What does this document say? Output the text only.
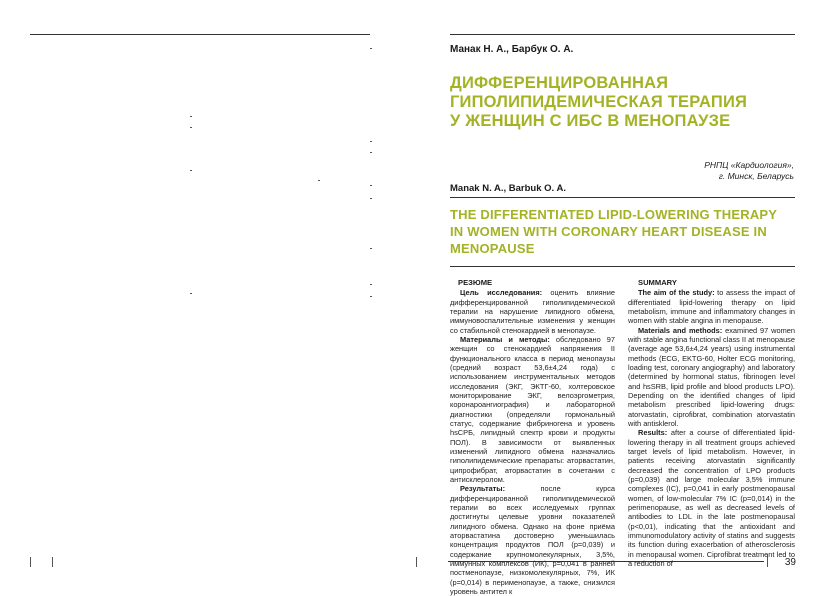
Манак Н. А., Барбук О. А.
ДИФФЕРЕНЦИРОВАННАЯ
ГИПОЛИПИДЕМИЧЕСКАЯ ТЕРАПИЯ
У ЖЕНЩИН С ИБС В МЕНОПАУЗЕ
РНПЦ «Кардиология»,
г. Минск, Беларусь
Manak N. A., Barbuk O. A.
THE DIFFERENTIATED LIPID-LOWERING THERAPY
IN WOMEN WITH CORONARY HEART DISEASE IN
MENOPAUSE
РЕЗЮМЕ

Цель исследования: оценить влияние дифференцированной гиполипидемической терапии на нарушение липидного обмена, иммуновоспалительные изменения у женщин со стабильной стенокардией в менопаузе.

Материалы и методы: обследовано 97 женщин со стенокардией напряжения II функционального класса в период менопаузы (средний возраст 53,6±4,24 года) с использованием инструментальных методов исследования (ЭКГ, ЭКТГ-60, холтеровское мониторирование ЭКГ, велоэргометрия, коронароангиография) и лабораторной диагностики (определяли гормональный статус, содержание фибриногена и уровень hsСРБ, липидный спектр крови и продукты ПОЛ). В зависимости от выявленных изменений липидного обмена назначались гиполипидемические препараты: аторвастатин, ципрофибрат, аторвастатин в сочетании с антисклеролом.

Результаты: после курса дифференцированной гиполипидемической терапии во всех исследуемых группах достигнуты целевые уровни показателей липидного обмена. Однако на фоне приёма аторвастатина достоверно уменьшилась концентрация продуктов ПОЛ (p=0,039) и содержание крупномолекулярных, 3,5%, иммунных комплексов (ИК), p=0,041 в ранней постменопаузе, низкомолекулярных, 7%, ИК (p=0,014) в перименопаузе, а также, снизился уровень антител к

SUMMARY

The aim of the study: to assess the impact of differentiated lipid-lowering therapy on lipid metabolism, immune and inflammatory changes in women with stable angina in menopause.

Materials and methods: examined 97 women with stable angina functional class II at menopause (average age 53,6±4,24 years) using instrumental methods (ECG, EKTG-60, Holter ECG monitoring, loading test, coronary angiography) and laboratory (determined by hormonal status, fibrinogen level and hsSRB, lipid profile and blood products LPO). Depending on the identified changes of lipid metabolism prescribed lipid-lowering drugs: atorvastatin, ciprofibrat, combination atorvastatin with antisklerol.

Results: after a course of differentiated lipid-lowering therapy in all treatment groups achieved target levels of lipid metabolism. However, in patients receiving atorvastatin significantly decreased the concentration of LPO products (p=0,039) and large molecular 3,5% immune complexes (IC), p=0,041 in early postmenopausal women, of low-molecular 7% IC (p=0,014) in the perimenopause, as well as decreased levels of antibodies to LDL in the late postmenopausal (p<0,01), indicating that the antioxidant and immunomodulatory activity of statins and suggests its function during exacerbation of atherosclerosis in menopausal women. Ciprofibrat treatment led to a reduction of	39
